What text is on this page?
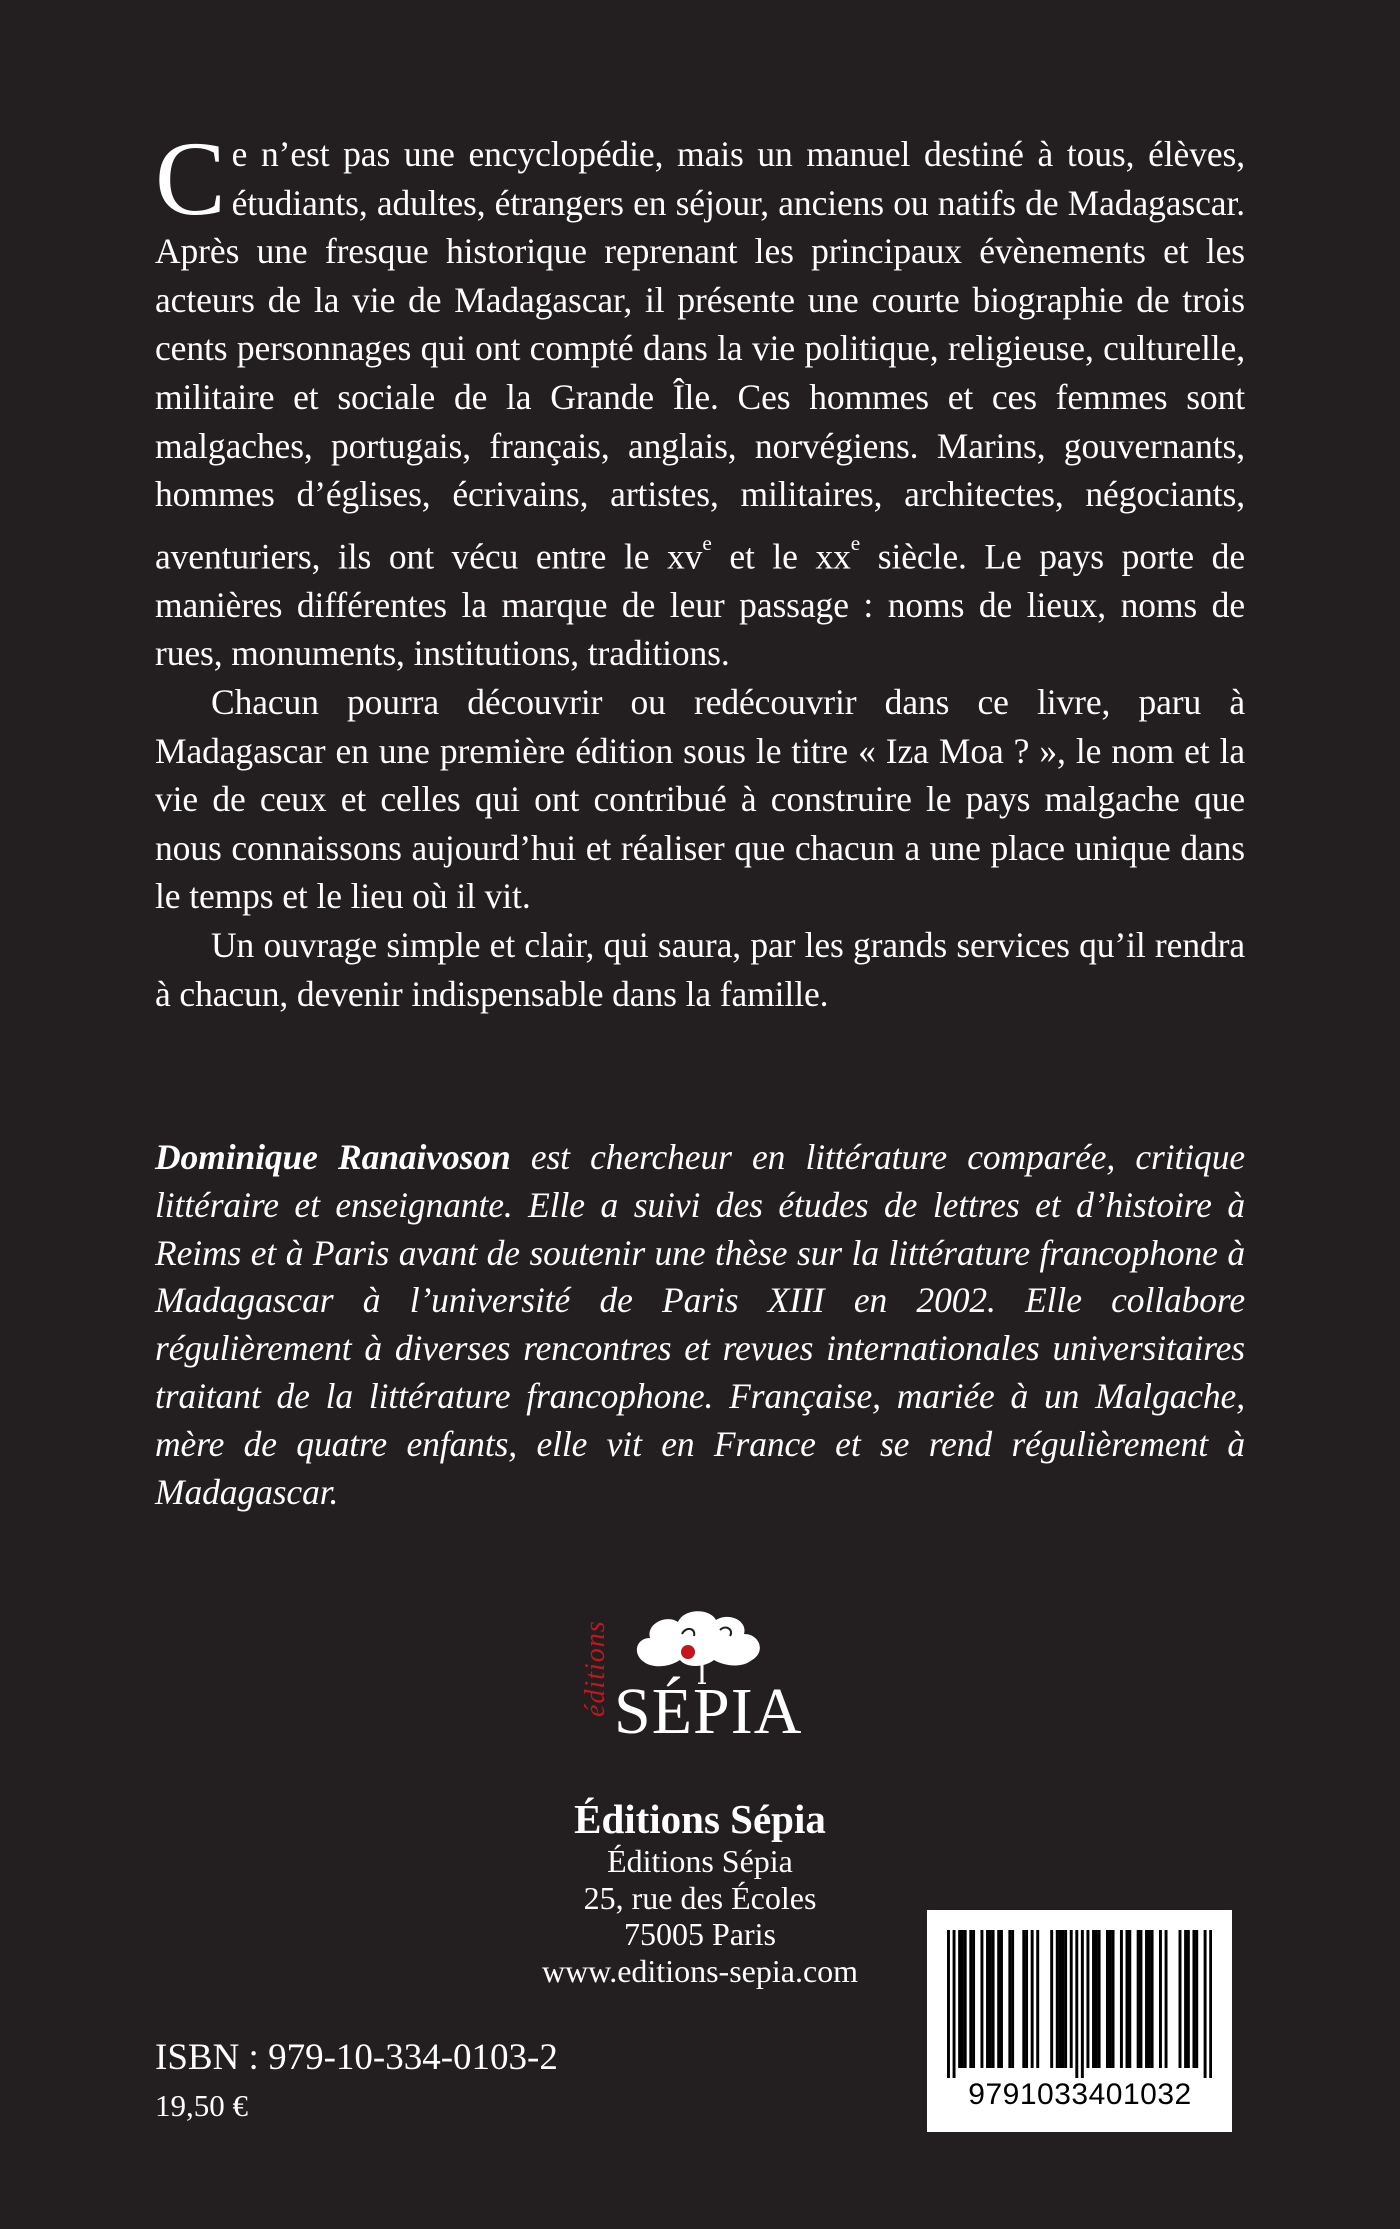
Ce n’est pas une encyclopédie, mais un manuel destiné à tous, élèves, étudiants, adultes, étrangers en séjour, anciens ou natifs de Madagascar. Après une fresque historique reprenant les principaux évènements et les acteurs de la vie de Madagascar, il présente une courte biographie de trois cents personnages qui ont compté dans la vie politique, religieuse, culturelle, militaire et sociale de la Grande Île. Ces hommes et ces femmes sont malgaches, portugais, français, anglais, norvégiens. Marins, gouvernants, hommes d’églises, écrivains, artistes, militaires, architectes, négociants, aventuriers, ils ont vécu entre le $xv^e$ et le $xx^e$ siècle. Le pays porte de manières différentes la marque de leur passage : noms de lieux, noms de rues, monuments, institutions, traditions.

Chacun pourra découvrir ou redécouvrir dans ce livre, paru à Madagascar en une première édition sous le titre « Iza Moa ? », le nom et la vie de ceux et celles qui ont contribué à construire le pays malgache que nous connaissons aujourd’hui et réaliser que chacun a une place unique dans le temps et le lieu où il vit.

Un ouvrage simple et clair, qui saura, par les grands services qu’il rendra à chacun, devenir indispensable dans la famille.

Dominique Ranaivoson est chercheur en littérature comparée, critique littéraire et enseignante. Elle a suivi des études de lettres et d’histoire à Reims et à Paris avant de soutenir une thèse sur la littérature francophone à Madagascar à l’université de Paris XIII en 2002. Elle collabore régulièrement à diverses rencontres et revues internationales universitaires traitant de la littérature francophone. Française, mariée à un Malgache, mère de quatre enfants, elle vit en France et se rend régulièrement à Madagascar.
éditions SÉPIA
Éditions Sépia
Éditions Sépia
25, rue des Écoles
75005 Paris
www.editions-sepia.com
ISBN : 979-10-334-0103-2
19,50 €	9791033401032
